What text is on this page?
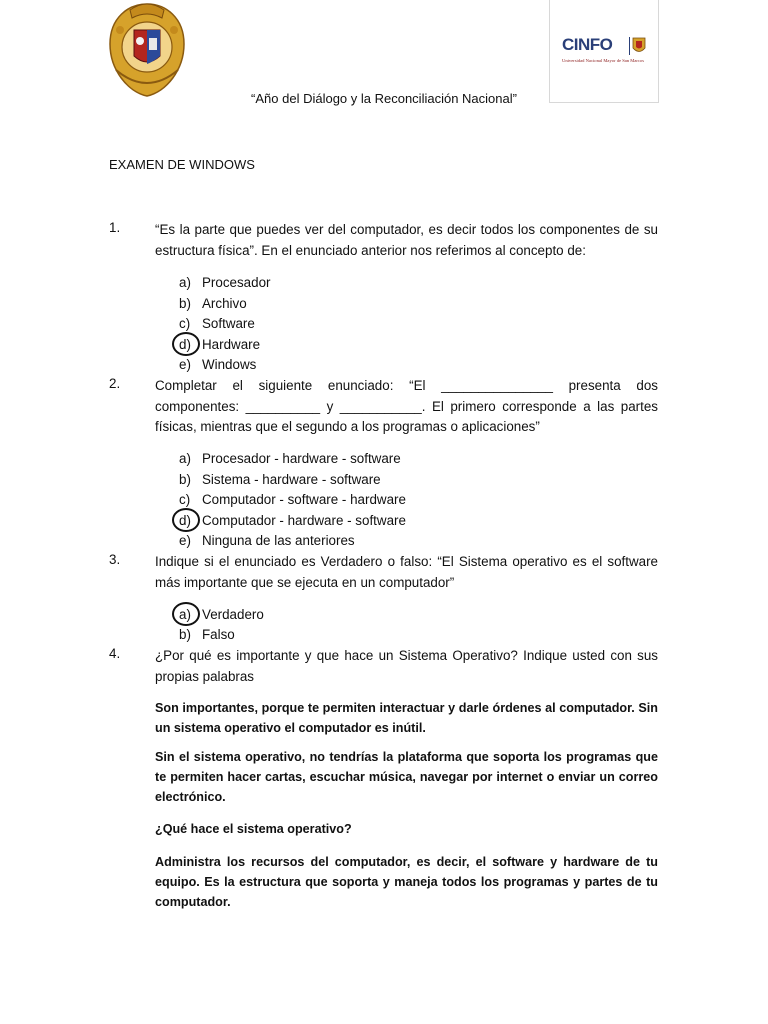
CINFO
Universidad Nacional Mayor de San Marcos
“Año del Diálogo y la Reconciliación Nacional”
EXAMEN DE WINDOWS
1.	“Es la parte que puedes ver del computador, es decir todos los componentes de su estructura física”. En el enunciado anterior nos referimos al concepto de:
a) Procesador
b) Archivo
c) Software
d) Hardware
e) Windows
2.	Completar el siguiente enunciado: “El _______________ presenta dos componentes: __________ y ___________. El primero corresponde a las partes físicas, mientras que el segundo a los programas o aplicaciones”
a) Procesador - hardware - software
b) Sistema - hardware - software
c) Computador - software - hardware
d) Computador - hardware - software
e) Ninguna de las anteriores
3.	Indique si el enunciado es Verdadero o falso: “El Sistema operativo es el software más importante que se ejecuta en un computador”
a) Verdadero
b) Falso
4.	¿Por qué es importante y que hace un Sistema Operativo? Indique usted con sus propias palabras
Son importantes, porque te permiten interactuar y darle órdenes al computador. Sin un sistema operativo el computador es inútil.
Sin el sistema operativo, no tendrías la plataforma que soporta los programas que te permiten hacer cartas, escuchar música, navegar por internet o enviar un correo electrónico.
¿Qué hace el sistema operativo?
Administra los recursos del computador, es decir, el software y hardware de tu equipo. Es la estructura que soporta y maneja todos los programas y partes de tu computador.
